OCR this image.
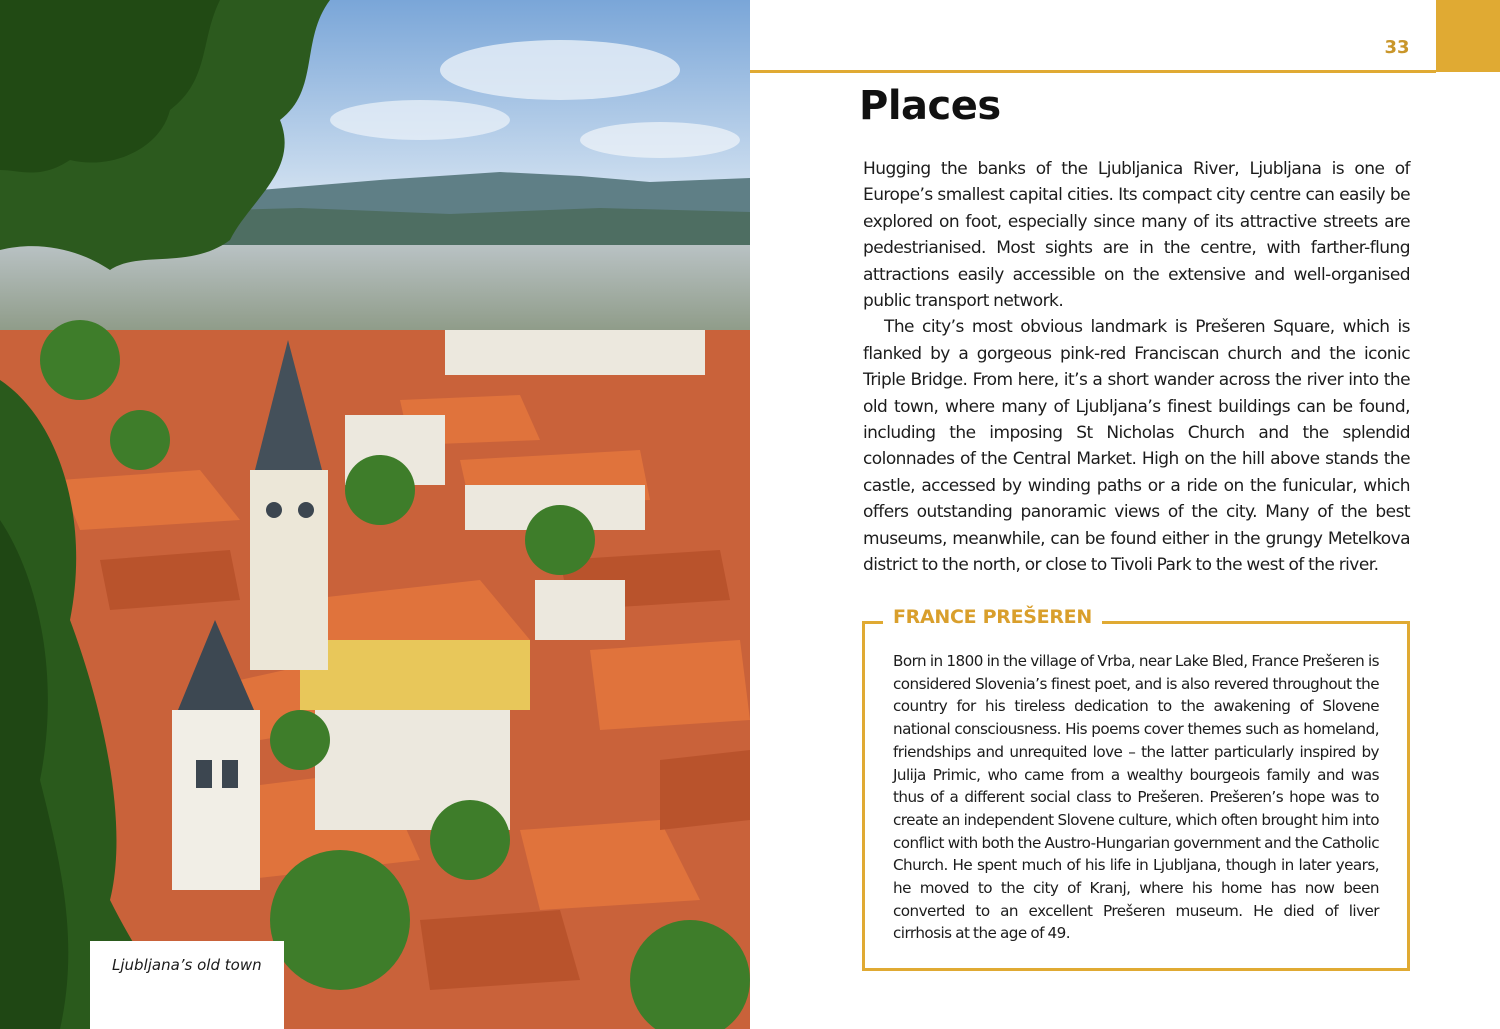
Ljubljana’s old town
33
Places

Hugging the banks of the Ljubljanica River, Ljubljana is one of Europe’s smallest capital cities. Its compact city centre can easily be explored on foot, especially since many of its attractive streets are pedestrianised. Most sights are in the centre, with farther-flung attractions easily accessible on the extensive and well-organised public transport network.

The city’s most obvious landmark is Prešeren Square, which is flanked by a gorgeous pink-red Franciscan church and the iconic Triple Bridge. From here, it’s a short wander across the river into the old town, where many of Ljubljana’s finest buildings can be found, including the imposing St Nicholas Church and the splendid colonnades of the Central Market. High on the hill above stands the castle, accessed by winding paths or a ride on the funicular, which offers outstanding panoramic views of the city. Many of the best museums, meanwhile, can be found either in the grungy Metelkova district to the north, or close to Tivoli Park to the west of the river.

FRANCE PREŠEREN
Born in 1800 in the village of Vrba, near Lake Bled, France Prešeren is considered Slovenia’s finest poet, and is also revered throughout the country for his tireless dedication to the awakening of Slovene national consciousness. His poems cover themes such as homeland, friendships and unrequited love – the latter particularly inspired by Julija Primic, who came from a wealthy bourgeois family and was thus of a different social class to Prešeren. Prešeren’s hope was to create an independent Slovene culture, which often brought him into conflict with both the Austro-Hungarian government and the Catholic Church. He spent much of his life in Ljubljana, though in later years, he moved to the city of Kranj, where his home has now been converted to an excellent Prešeren museum. He died of liver cirrhosis at the age of 49.
